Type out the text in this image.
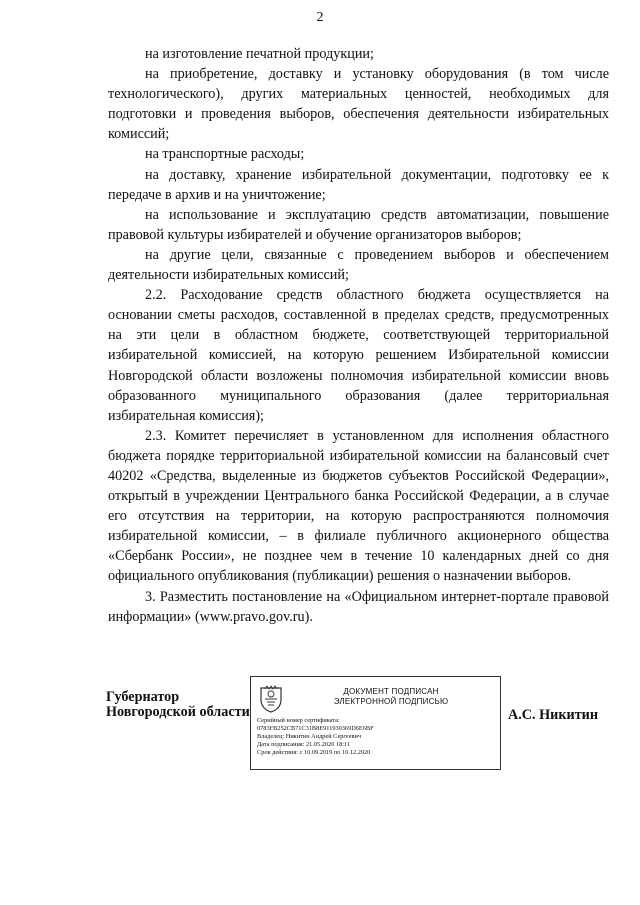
2

на изготовление печатной продукции;

на приобретение, доставку и установку оборудования (в том числе технологического), других материальных ценностей, необходимых для подготовки и проведения выборов, обеспечения деятельности избирательных комиссий;

на транспортные расходы;

на доставку, хранение избирательной документации, подготовку ее к передаче в архив и на уничтожение;

на использование и эксплуатацию средств автоматизации, повышение правовой культуры избирателей и обучение организаторов выборов;

на другие цели, связанные с проведением выборов и обеспечением деятельности избирательных комиссий;

2.2. Расходование средств областного бюджета осуществляется на основании сметы расходов, составленной в пределах средств, предусмотренных на эти цели в областном бюджете, соответствующей территориальной избирательной комиссией, на которую решением Избирательной комиссии Новгородской области возложены полномочия избирательной комиссии вновь образованного муниципального образования (далее территориальная избирательная комиссия);

2.3. Комитет перечисляет в установленном для исполнения областного бюджета порядке территориальной избирательной комиссии на балансовый счет 40202 «Средства, выделенные из бюджетов субъектов Российской Федерации», открытый в учреждении Центрального банка Российской Федерации, а в случае его отсутствия на территории, на которую распространяются полномочия избирательной комиссии, – в филиале публичного акционерного общества «Сбербанк России», не позднее чем в течение 10 календарных дней со дня официального опубликования (публикации) решения о назначении выборов.

3. Разместить постановление на «Официальном интернет-портале правовой информации» (www.pravo.gov.ru).

Губернатор
Новгородской области
ДОКУМЕНТ ПОДПИСАН
ЭЛЕКТРОННОЙ ПОДПИСЬЮ
Серийный номер сертификата:
0783FB252CB71C31B8E911930369D6E6BF
Владелец: Никитин Андрей Сергеевич
Дата подписания: 21.05.2020 18:11
Срок действия: с 10.09.2019 по 10.12.2020
А.С. Никитин
